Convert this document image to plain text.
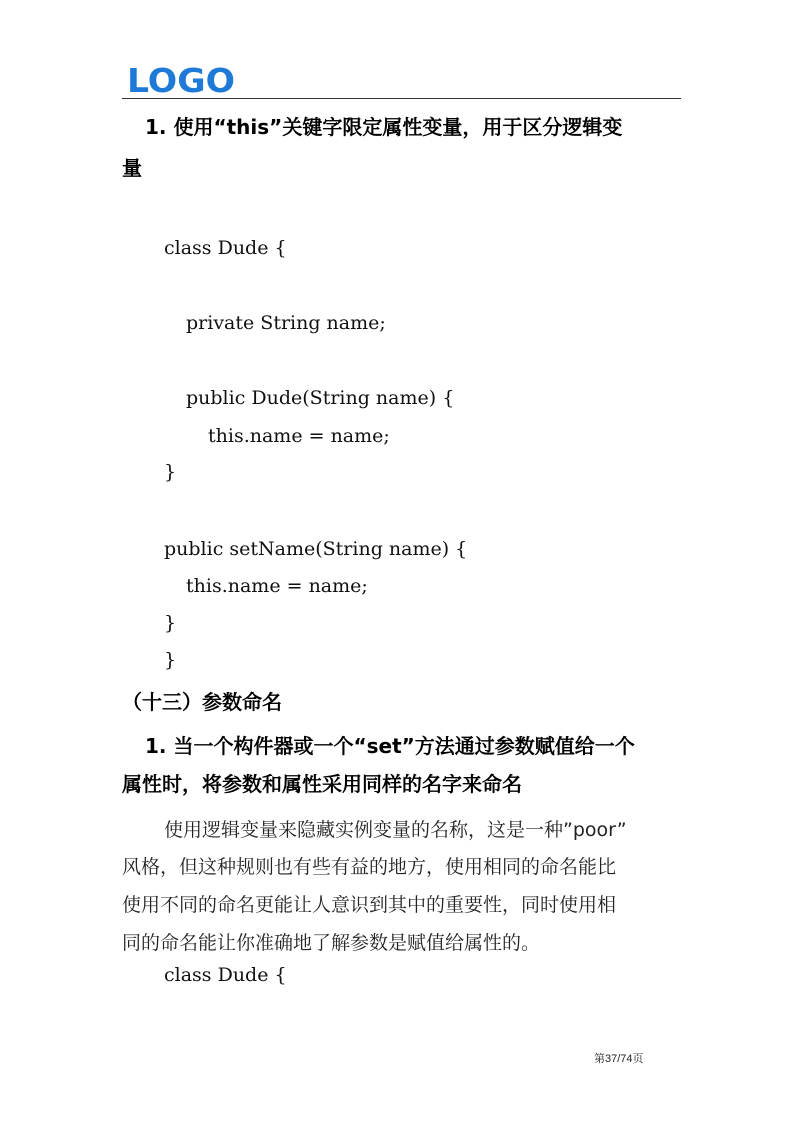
LOGO
1. 使用“this”关键字限定属性变量，用于区分逻辑变
量
class Dude {
private String name;
public Dude(String name) {
this.name = name;
}
public setName(String name) {
this.name = name;
}
}
（十三）参数命名
1. 当一个构件器或一个“set”方法通过参数赋值给一个
属性时，将参数和属性采用同样的名字来命名
使用逻辑变量来隐藏实例变量的名称，这是一种”poor”
风格，但这种规则也有些有益的地方，使用相同的命名能比
使用不同的命名更能让人意识到其中的重要性，同时使用相
同的命名能让你准确地了解参数是赋值给属性的。
class Dude {
第37/74页
